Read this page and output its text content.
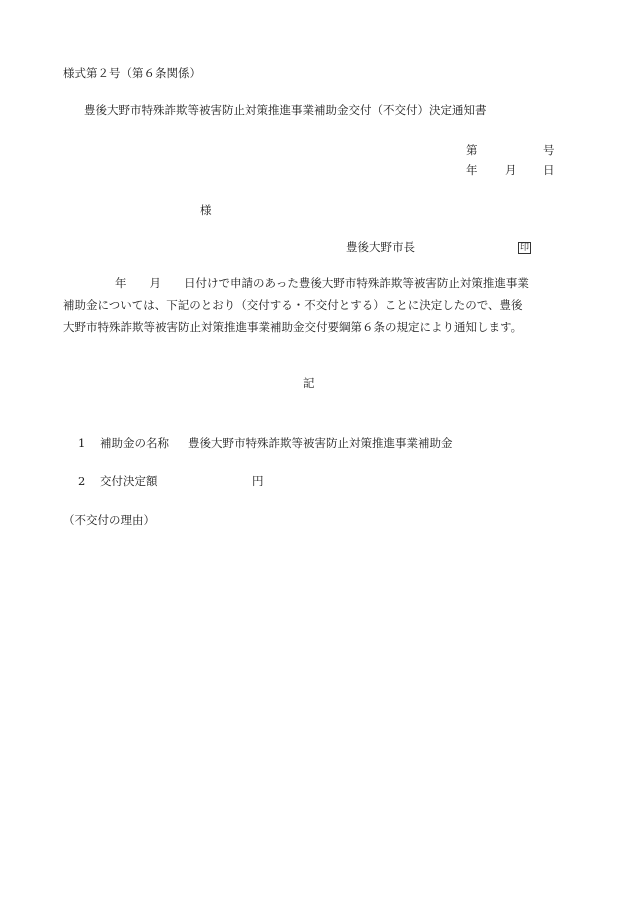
様式第２号（第６条関係）
豊後大野市特殊詐欺等被害防止対策推進事業補助金交付（不交付）決定通知書
第	号
年 月 日
様
豊後大野市長	印
年　　月　　日付けで申請のあった豊後大野市特殊詐欺等被害防止対策推進事業
補助金については、下記のとおり（交付する・不交付とする）ことに決定したので、豊後
大野市特殊詐欺等被害防止対策推進事業補助金交付要綱第６条の規定により通知します。
記
1 補助金の名称 豊後大野市特殊詐欺等被害防止対策推進事業補助金
2 交付決定額	円
（不交付の理由）
